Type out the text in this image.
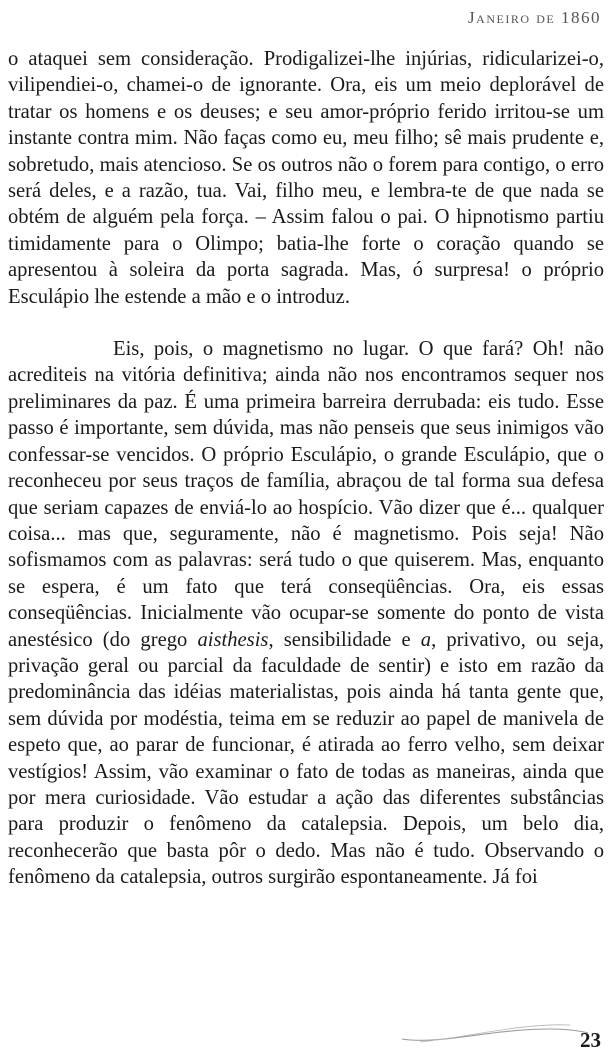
Janeiro de 1860

o ataquei sem consideração. Prodigalizei-lhe injúrias, ridicularizei-o, vilipendiei-o, chamei-o de ignorante. Ora, eis um meio deplorável de tratar os homens e os deuses; e seu amor-próprio ferido irritou-se um instante contra mim. Não faças como eu, meu filho; sê mais prudente e, sobretudo, mais atencioso. Se os outros não o forem para contigo, o erro será deles, e a razão, tua. Vai, filho meu, e lembra-te de que nada se obtém de alguém pela força. – Assim falou o pai. O hipnotismo partiu timidamente para o Olimpo; batia-lhe forte o coração quando se apresentou à soleira da porta sagrada. Mas, ó surpresa! o próprio Esculápio lhe estende a mão e o introduz.

Eis, pois, o magnetismo no lugar. O que fará? Oh! não acrediteis na vitória definitiva; ainda não nos encontramos sequer nos preliminares da paz. É uma primeira barreira derrubada: eis tudo. Esse passo é importante, sem dúvida, mas não penseis que seus inimigos vão confessar-se vencidos. O próprio Esculápio, o grande Esculápio, que o reconheceu por seus traços de família, abraçou de tal forma sua defesa que seriam capazes de enviá-lo ao hospício. Vão dizer que é... qualquer coisa... mas que, seguramente, não é magnetismo. Pois seja! Não sofismamos com as palavras: será tudo o que quiserem. Mas, enquanto se espera, é um fato que terá conseqüências. Ora, eis essas conseqüências. Inicialmente vão ocupar-se somente do ponto de vista anestésico (do grego aisthesis, sensibilidade e a, privativo, ou seja, privação geral ou parcial da faculdade de sentir) e isto em razão da predominância das idéias materialistas, pois ainda há tanta gente que, sem dúvida por modéstia, teima em se reduzir ao papel de manivela de espeto que, ao parar de funcionar, é atirada ao ferro velho, sem deixar vestígios! Assim, vão examinar o fato de todas as maneiras, ainda que por mera curiosidade. Vão estudar a ação das diferentes substâncias para produzir o fenômeno da catalepsia. Depois, um belo dia, reconhecerão que basta pôr o dedo. Mas não é tudo. Observando o fenômeno da catalepsia, outros surgirão espontaneamente. Já foi

23
